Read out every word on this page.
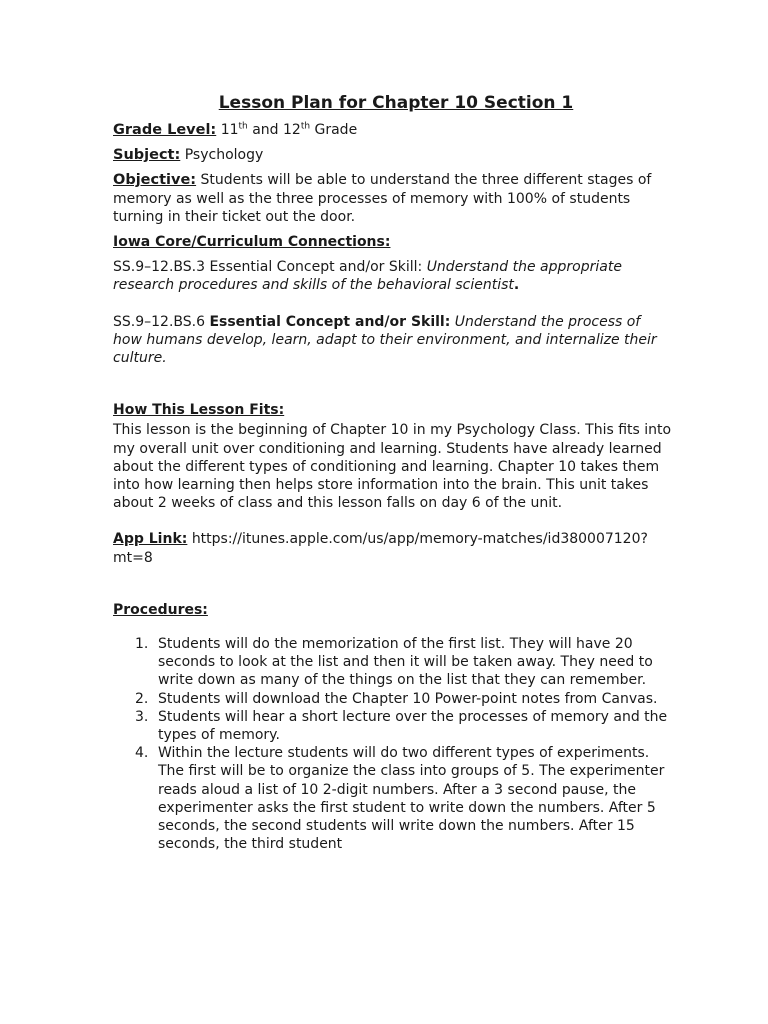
Lesson Plan for Chapter 10 Section 1
Grade Level: 11th and 12th Grade
Subject: Psychology
Objective: Students will be able to understand the three different stages of memory as well as the three processes of memory with 100% of students turning in their ticket out the door.
Iowa Core/Curriculum Connections:

SS.9–12.BS.3 Essential Concept and/or Skill: Understand the appropriate research procedures and skills of the behavioral scientist.

SS.9–12.BS.6 Essential Concept and/or Skill: Understand the process of how humans develop, learn, adapt to their environment, and internalize their culture.

How This Lesson Fits:

This lesson is the beginning of Chapter 10 in my Psychology Class. This fits into my overall unit over conditioning and learning. Students have already learned about the different types of conditioning and learning. Chapter 10 takes them into how learning then helps store information into the brain. This unit takes about 2 weeks of class and this lesson falls on day 6 of the unit.

App Link: https://itunes.apple.com/us/app/memory-matches/id380007120?mt=8

Procedures:
1. Students will do the memorization of the first list. They will have 20 seconds to look at the list and then it will be taken away. They need to write down as many of the things on the list that they can remember.
2. Students will download the Chapter 10 Power-point notes from Canvas.
3. Students will hear a short lecture over the processes of memory and the types of memory.
4. Within the lecture students will do two different types of experiments. The first will be to organize the class into groups of 5. The experimenter reads aloud a list of 10 2-digit numbers. After a 3 second pause, the experimenter asks the first student to write down the numbers. After 5 seconds, the second students will write down the numbers. After 15 seconds, the third student
